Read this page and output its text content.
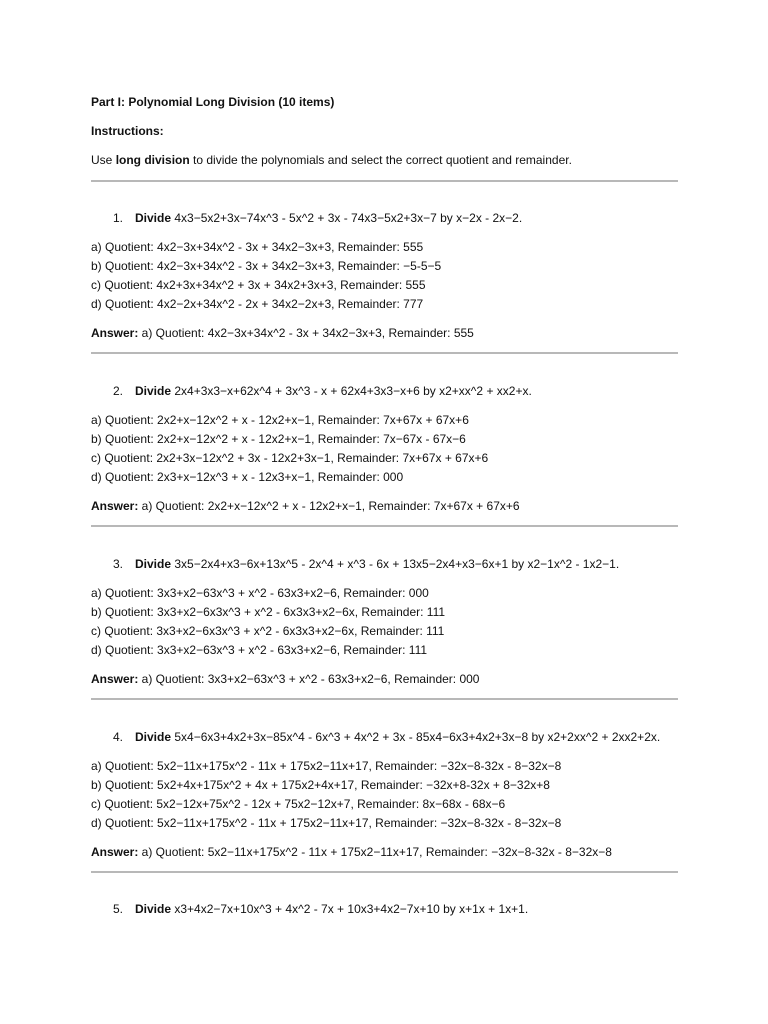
Part I: Polynomial Long Division (10 items)
Instructions:
Use long division to divide the polynomials and select the correct quotient and remainder.
1. Divide 4x3−5x2+3x−74x^3 - 5x^2 + 3x - 74x3−5x2+3x−7 by x−2x - 2x−2.
a) Quotient: 4x2−3x+34x^2 - 3x + 34x2−3x+3, Remainder: 555
b) Quotient: 4x2−3x+34x^2 - 3x + 34x2−3x+3, Remainder: −5-5−5
c) Quotient: 4x2+3x+34x^2 + 3x + 34x2+3x+3, Remainder: 555
d) Quotient: 4x2−2x+34x^2 - 2x + 34x2−2x+3, Remainder: 777
Answer: a) Quotient: 4x2−3x+34x^2 - 3x + 34x2−3x+3, Remainder: 555
2. Divide 2x4+3x3−x+62x^4 + 3x^3 - x + 62x4+3x3−x+6 by x2+xx^2 + xx2+x.
a) Quotient: 2x2+x−12x^2 + x - 12x2+x−1, Remainder: 7x+67x + 67x+6
b) Quotient: 2x2+x−12x^2 + x - 12x2+x−1, Remainder: 7x−67x - 67x−6
c) Quotient: 2x2+3x−12x^2 + 3x - 12x2+3x−1, Remainder: 7x+67x + 67x+6
d) Quotient: 2x3+x−12x^3 + x - 12x3+x−1, Remainder: 000
Answer: a) Quotient: 2x2+x−12x^2 + x - 12x2+x−1, Remainder: 7x+67x + 67x+6
3. Divide 3x5−2x4+x3−6x+13x^5 - 2x^4 + x^3 - 6x + 13x5−2x4+x3−6x+1 by x2−1x^2 - 1x2−1.
a) Quotient: 3x3+x2−63x^3 + x^2 - 63x3+x2−6, Remainder: 000
b) Quotient: 3x3+x2−6x3x^3 + x^2 - 6x3x3+x2−6x, Remainder: 111
c) Quotient: 3x3+x2−6x3x^3 + x^2 - 6x3x3+x2−6x, Remainder: 111
d) Quotient: 3x3+x2−63x^3 + x^2 - 63x3+x2−6, Remainder: 111
Answer: a) Quotient: 3x3+x2−63x^3 + x^2 - 63x3+x2−6, Remainder: 000
4. Divide 5x4−6x3+4x2+3x−85x^4 - 6x^3 + 4x^2 + 3x - 85x4−6x3+4x2+3x−8 by x2+2xx^2 + 2xx2+2x.
a) Quotient: 5x2−11x+175x^2 - 11x + 175x2−11x+17, Remainder: −32x−8-32x - 8−32x−8
b) Quotient: 5x2+4x+175x^2 + 4x + 175x2+4x+17, Remainder: −32x+8-32x + 8−32x+8
c) Quotient: 5x2−12x+75x^2 - 12x + 75x2−12x+7, Remainder: 8x−68x - 68x−6
d) Quotient: 5x2−11x+175x^2 - 11x + 175x2−11x+17, Remainder: −32x−8-32x - 8−32x−8
Answer: a) Quotient: 5x2−11x+175x^2 - 11x + 175x2−11x+17, Remainder: −32x−8-32x - 8−32x−8
5. Divide x3+4x2−7x+10x^3 + 4x^2 - 7x + 10x3+4x2−7x+10 by x+1x + 1x+1.
